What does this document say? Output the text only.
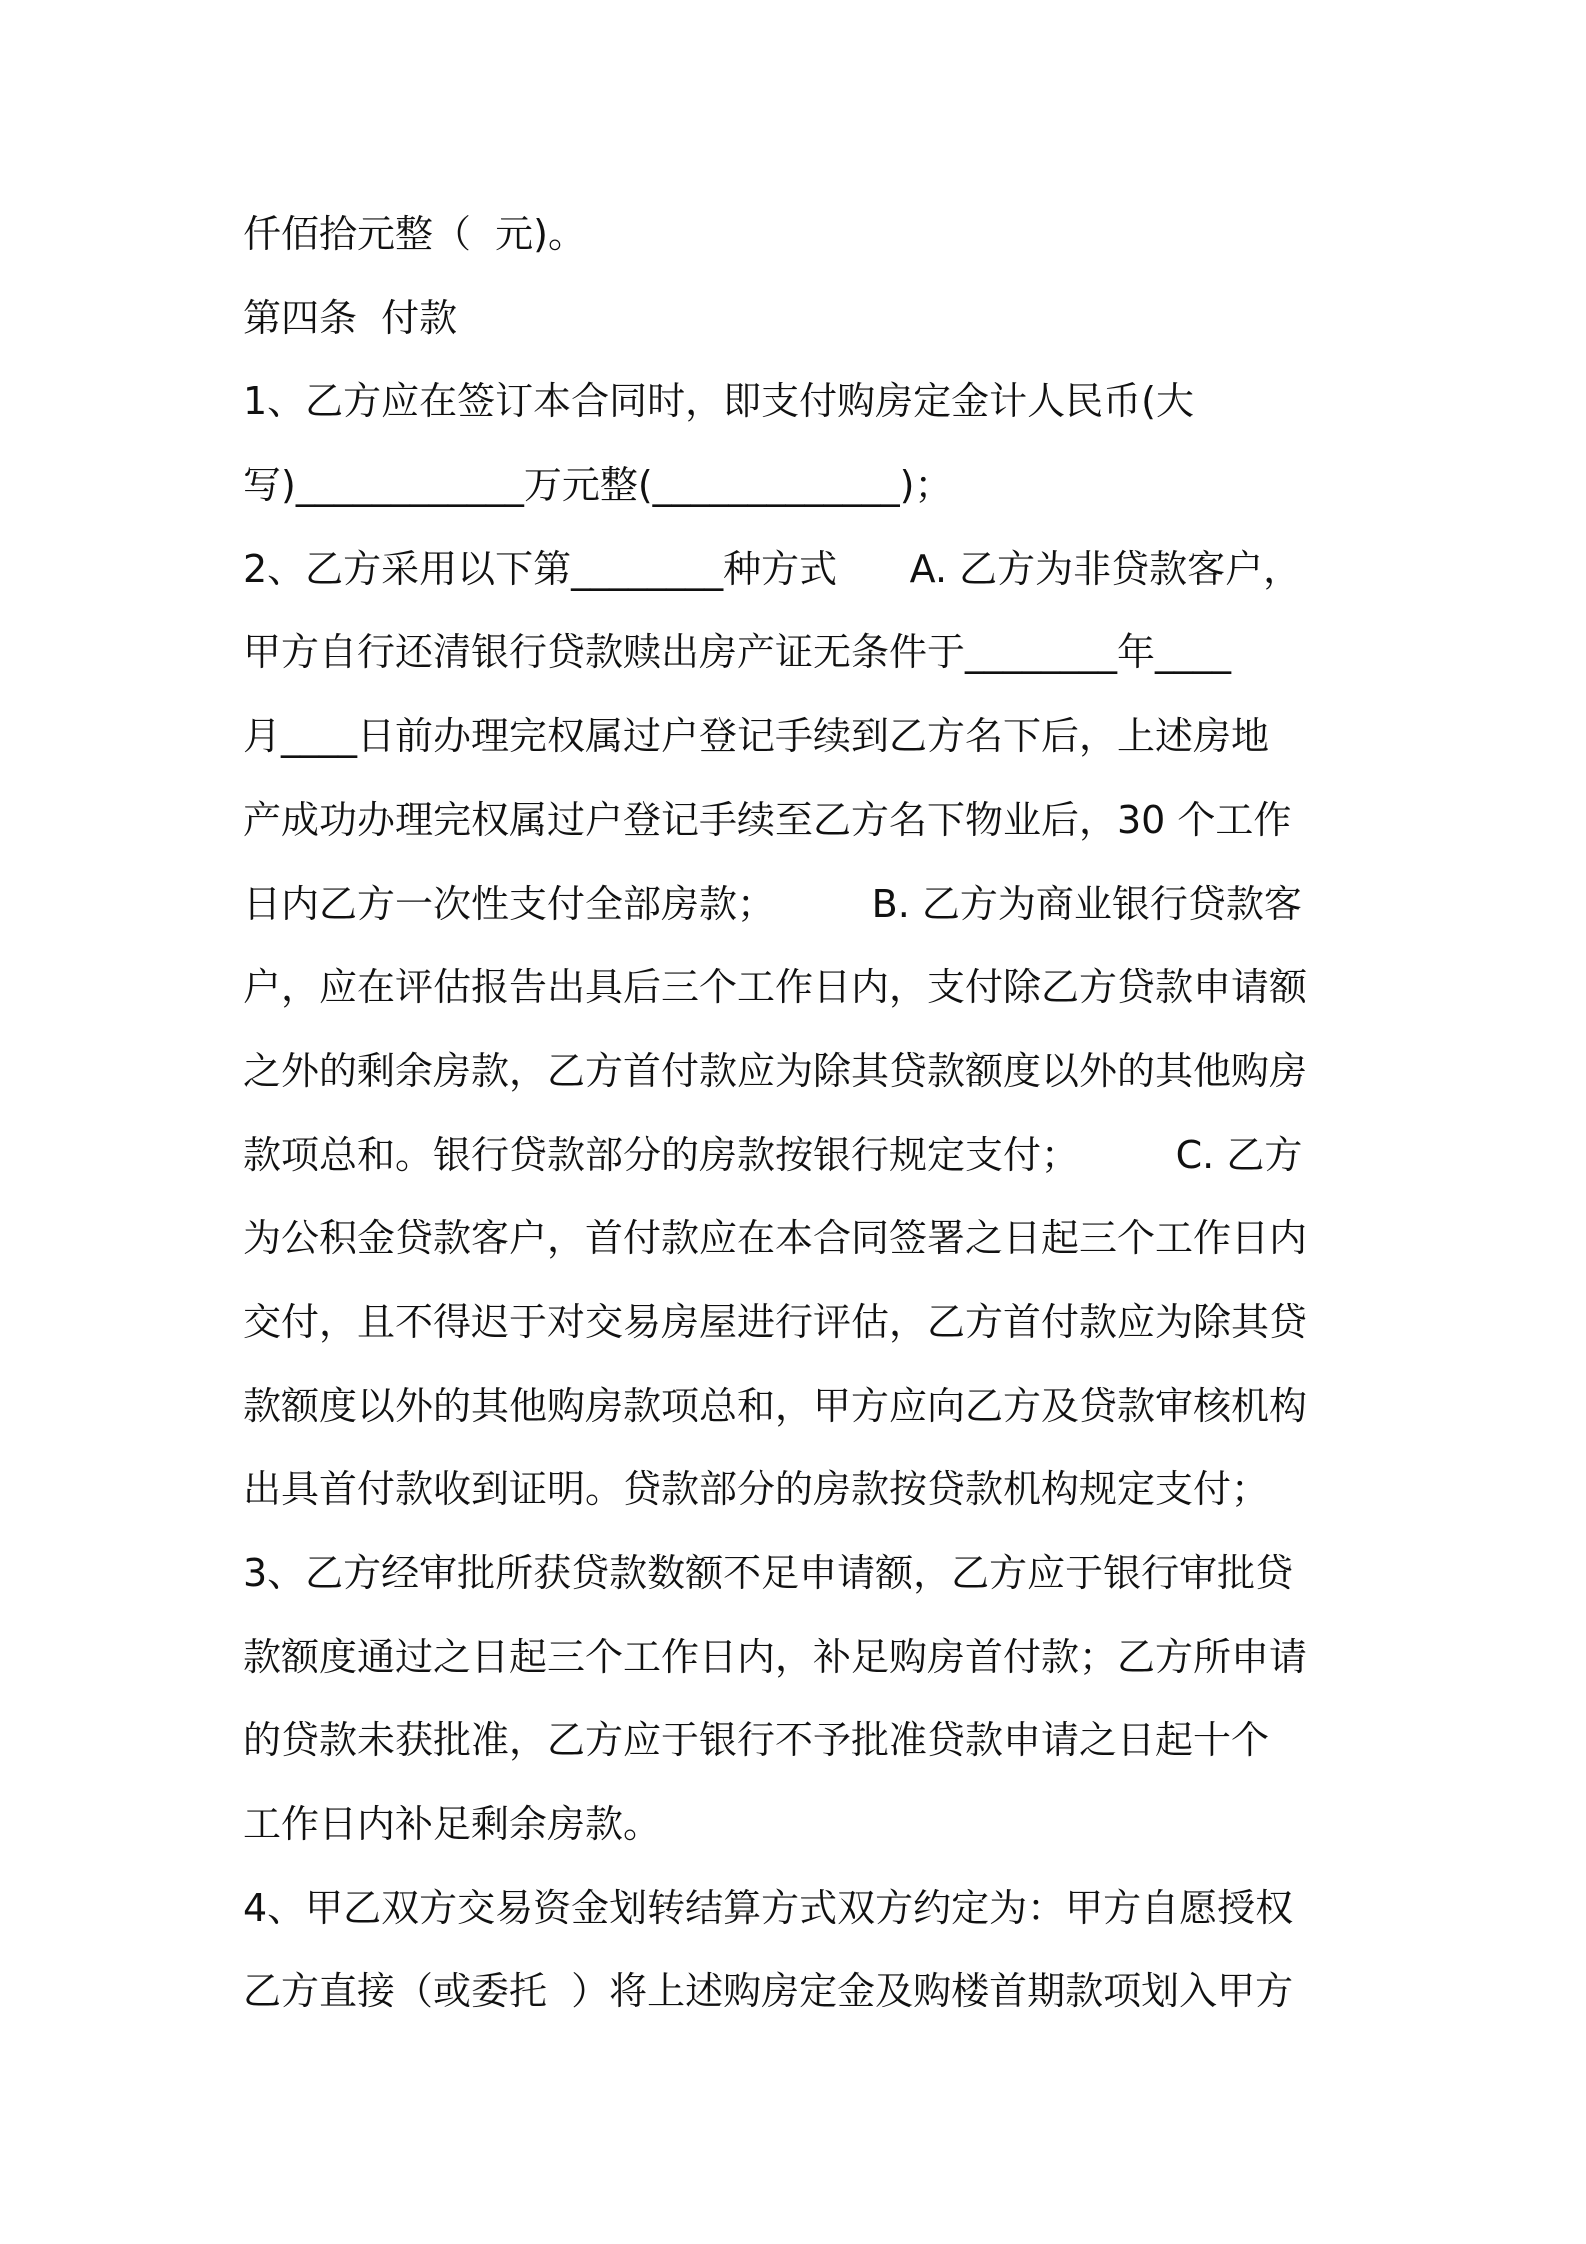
仟佰拾元整（  元)。
第四条  付款
1、乙方应在签订本合同时，即支付购房定金计人民币(大
写)____________万元整(_____________)；
2、乙方采用以下第________种方式      A. 乙方为非贷款客户，
甲方自行还清银行贷款赎出房产证无条件于________年____
月____日前办理完权属过户登记手续到乙方名下后，上述房地
产成功办理完权属过户登记手续至乙方名下物业后，30 个工作
日内乙方一次性支付全部房款；        B. 乙方为商业银行贷款客
户，应在评估报告出具后三个工作日内，支付除乙方贷款申请额
之外的剩余房款，乙方首付款应为除其贷款额度以外的其他购房
款项总和。银行贷款部分的房款按银行规定支付；        C. 乙方
为公积金贷款客户，首付款应在本合同签署之日起三个工作日内
交付，且不得迟于对交易房屋进行评估，乙方首付款应为除其贷
款额度以外的其他购房款项总和，甲方应向乙方及贷款审核机构
出具首付款收到证明。贷款部分的房款按贷款机构规定支付；
3、乙方经审批所获贷款数额不足申请额，乙方应于银行审批贷
款额度通过之日起三个工作日内，补足购房首付款；乙方所申请
的贷款未获批准，乙方应于银行不予批准贷款申请之日起十个
工作日内补足剩余房款。
4、甲乙双方交易资金划转结算方式双方约定为：甲方自愿授权
乙方直接（或委托  ）将上述购房定金及购楼首期款项划入甲方
